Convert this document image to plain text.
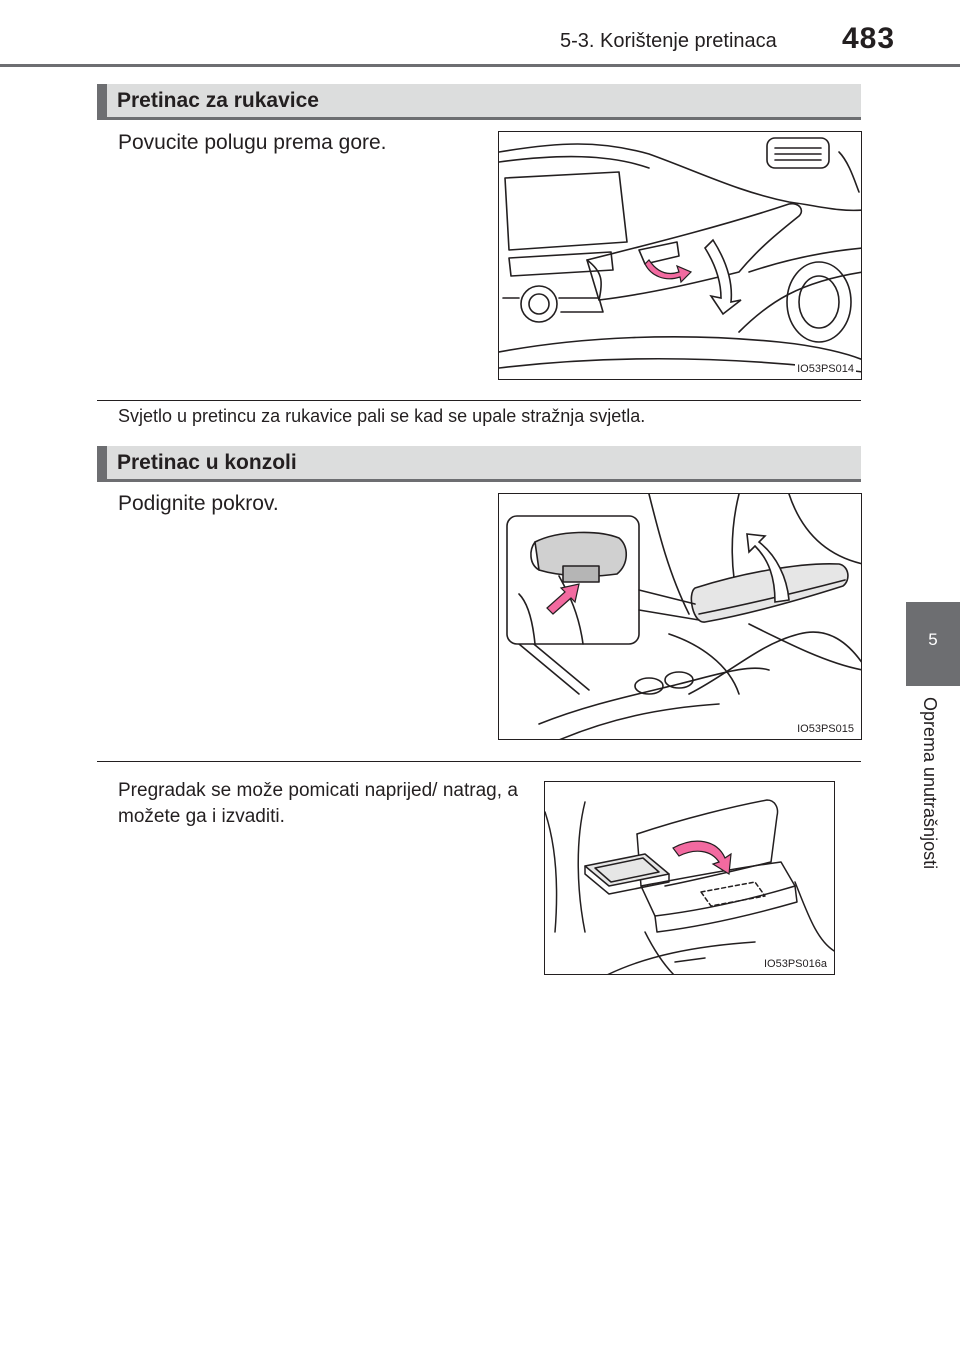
5-3. Korištenje pretinaca 483
5
Oprema unutrašnjosti
Pretinac za rukavice
Povucite polugu prema gore.
IO53PS014
Svjetlo u pretincu za rukavice pali se kad se upale stražnja svjetla.
Pretinac u konzoli
Podignite pokrov.
IO53PS015
Pregradak se može pomicati naprijed/ natrag, a možete ga i izvaditi.
IO53PS016a
